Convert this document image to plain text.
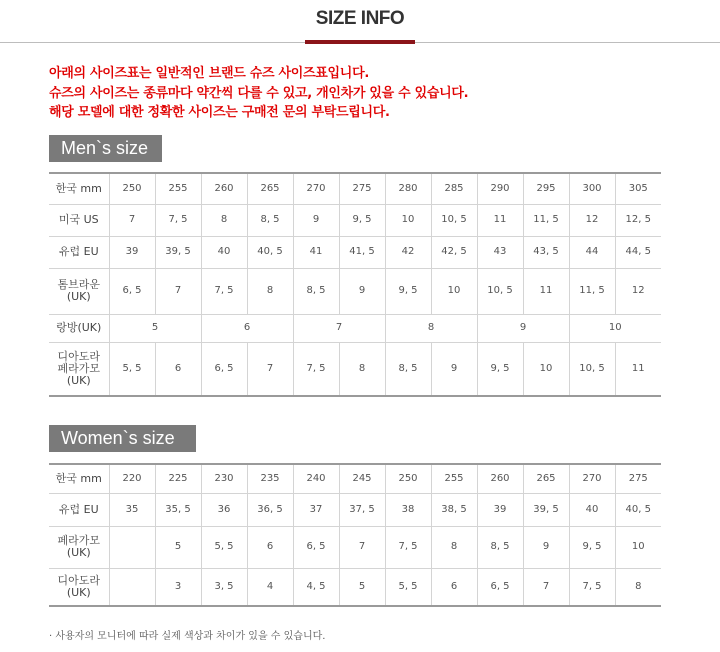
SIZE INFO

아래의 사이즈표는 일반적인 브랜드 슈즈 사이즈표입니다.

슈즈의 사이즈는 종류마다 약간씩 다를 수 있고, 개인차가 있을 수 있습니다.

해당 모델에 대한 정확한 사이즈는 구매전 문의 부탁드립니다.

Men`s size
한국 mm	250	255	260	265	270	275	280	285	290	295	300	305
미국 US	7	7, 5	8	8, 5	9	9, 5	10	10, 5	11	11, 5	12	12, 5
유럽 EU	39	39, 5	40	40, 5	41	41, 5	42	42, 5	43	43, 5	44	44, 5
톰브라운
(UK)	6, 5	7	7, 5	8	8, 5	9	9, 5	10	10, 5	11	11, 5	12
랑방(UK)	5		6		7		8		9		10	
디아도라
페라가모
(UK)	5, 5	6	6, 5	7	7, 5	8	8, 5	9	9, 5	10	10, 5	11
Women`s size
한국 mm	220	225	230	235	240	245	250	255	260	265	270	275
유럽 EU	35	35, 5	36	36, 5	37	37, 5	38	38, 5	39	39, 5	40	40, 5
페라가모
(UK)		5	5, 5	6	6, 5	7	7, 5	8	8, 5	9	9, 5	10
디아도라
(UK)		3	3, 5	4	4, 5	5	5, 5	6	6, 5	7	7, 5	8
· 사용자의 모니터에 따라 실제 색상과 차이가 있을 수 있습니다.
